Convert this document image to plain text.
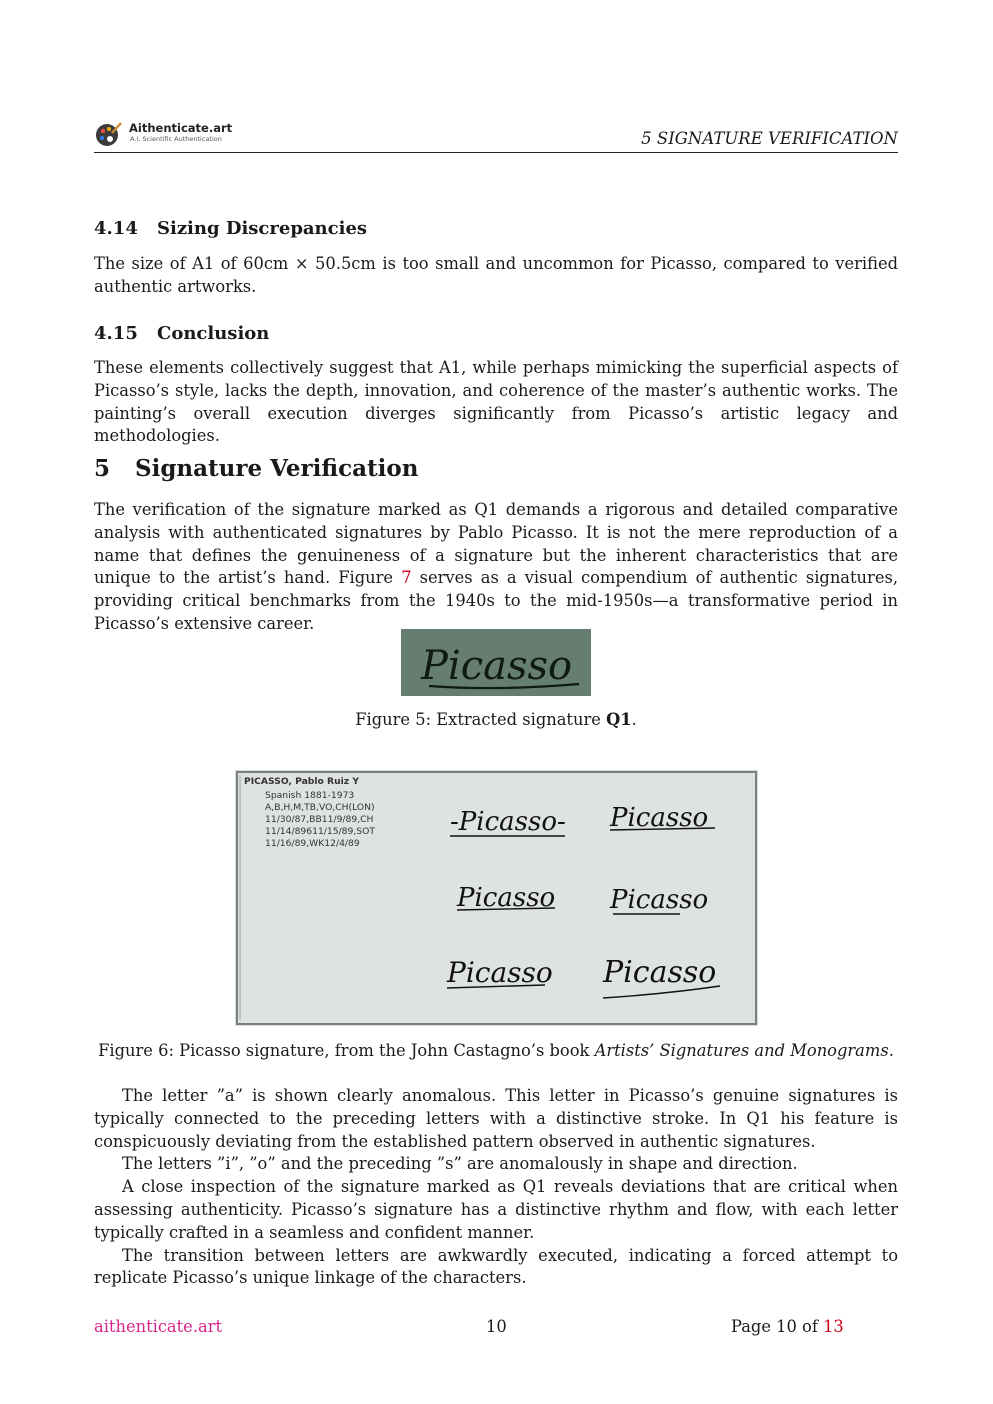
Aithenticate.art
A.I. Scientific Authentication	5 SIGNATURE VERIFICATION
4.14 Sizing Discrepancies
The size of A1 of 60cm × 50.5cm is too small and uncommon for Picasso, compared to verified authentic artworks.
4.15 Conclusion
These elements collectively suggest that A1, while perhaps mimicking the superficial aspects of Picasso’s style, lacks the depth, innovation, and coherence of the master’s authentic works. The painting’s overall execution diverges significantly from Picasso’s artistic legacy and methodologies.
5 Signature Verification
The verification of the signature marked as Q1 demands a rigorous and detailed comparative analysis with authenticated signatures by Pablo Picasso. It is not the mere reproduction of a name that defines the genuineness of a signature but the inherent characteristics that are unique to the artist’s hand. Figure 7 serves as a visual compendium of authentic signatures, providing critical benchmarks from the 1940s to the mid-1950s—a transformative period in Picasso’s extensive career.
Picasso
Figure 5: Extracted signature Q1.
PICASSO, Pablo Ruiz Y
Spanish 1881-1973
A,B,H,M,TB,VO,CH(LON)
11/30/87,BB11/9/89,CH
11/14/89611/15/89,SOT
11/16/89,WK12/4/89
-Picasso- Picasso
Picasso Picasso
Picasso Picasso
Figure 6: Picasso signature, from the John Castagno’s book Artists’ Signatures and Monograms.
The letter ”a” is shown clearly anomalous. This letter in Picasso’s genuine signatures is typically connected to the preceding letters with a distinctive stroke. In Q1 his feature is conspicuously deviating from the established pattern observed in authentic signatures.
The letters ”i”, ”o” and the preceding ”s” are anomalously in shape and direction.
A close inspection of the signature marked as Q1 reveals deviations that are critical when assessing authenticity. Picasso’s signature has a distinctive rhythm and flow, with each letter typically crafted in a seamless and confident manner.
The transition between letters are awkwardly executed, indicating a forced attempt to replicate Picasso’s unique linkage of the characters.
aithenticate.art	10	Page 10 of 13
